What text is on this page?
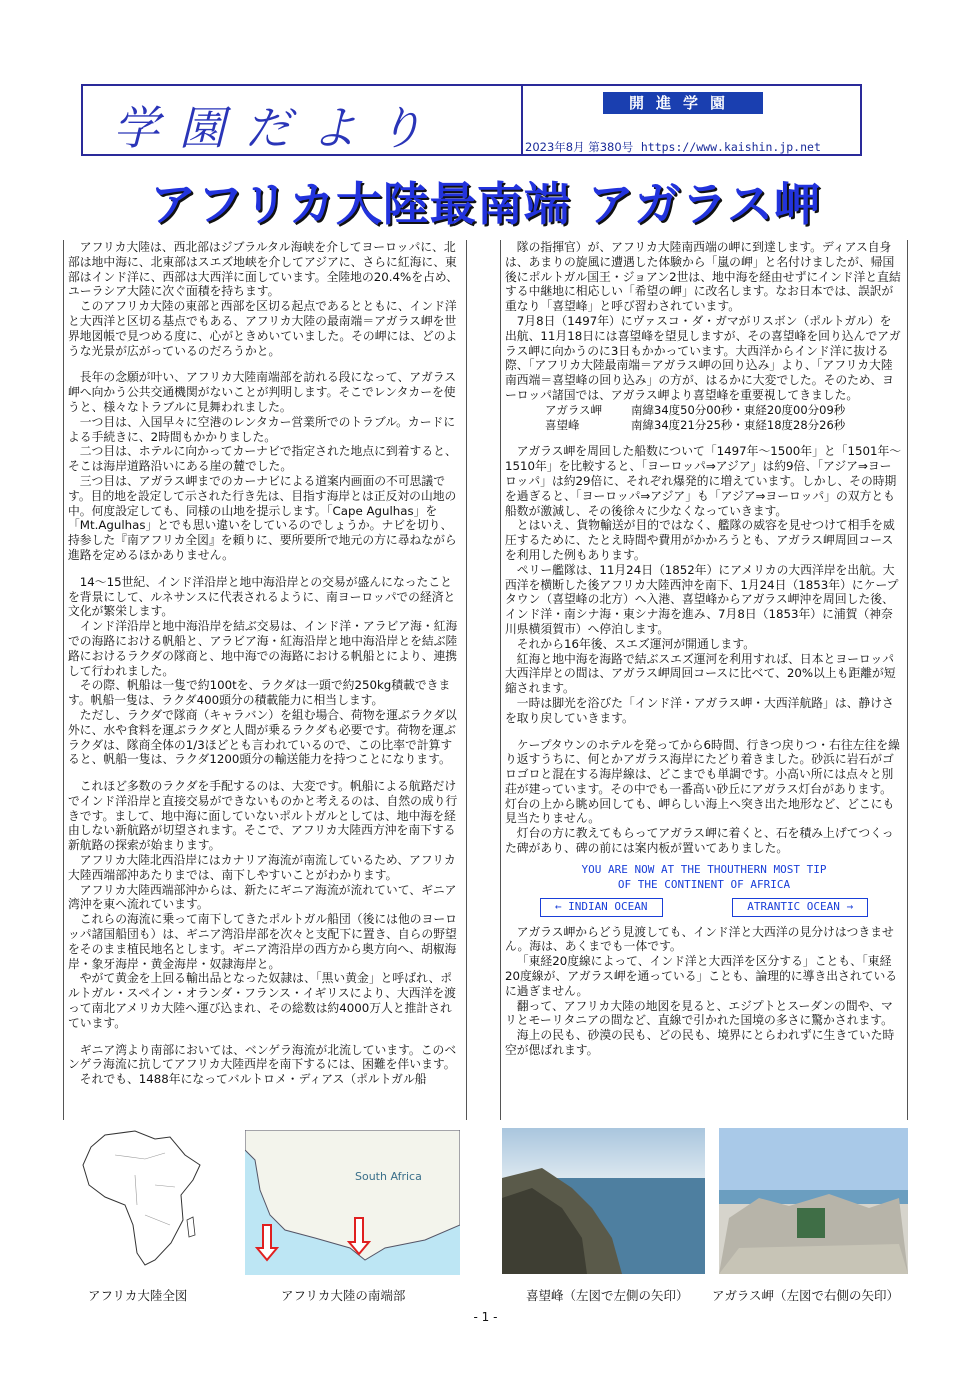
学園だより	開進学園
2023年8月 第380号 https://www.kaishin.jp.net
アフリカ大陸最南端 アガラス岬

アフリカ大陸は、西北部はジブラルタル海峡を介してヨーロッパに、北部は地中海に、北東部はスエズ地峡を介してアジアに、さらに紅海に、東部はインド洋に、西部は大西洋に面しています。全陸地の20.4%を占め、ユーラシア大陸に次ぐ面積を持ちます。

このアフリカ大陸の東部と西部を区切る起点であるとともに、インド洋と大西洋と区切る基点でもある、アフリカ大陸の最南端＝アガラス岬を世界地図帳で見つめる度に、心がときめいていました。その岬には、どのような光景が広がっているのだろうかと。

長年の念願が叶い、アフリカ大陸南端部を訪れる段になって、アガラス岬へ向かう公共交通機関がないことが判明します。そこでレンタカーを使うと、様々なトラブルに見舞われました。

一つ目は、入国早々に空港のレンタカー営業所でのトラブル。カードによる手続きに、2時間もかかりました。

二つ目は、ホテルに向かってカーナビで指定された地点に到着すると、そこは海岸道路沿いにある崖の麓でした。

三つ目は、アガラス岬までのカーナビによる道案内画面の不可思議です。目的地を設定して示された行き先は、目指す海岸とは正反対の山地の中。何度設定しても、同様の山地を提示します。「Cape Agulhas」を「Mt.Agulhas」とでも思い違いをしているのでしょうか。ナビを切り、持参した『南アフリカ全図』を頼りに、要所要所で地元の方に尋ねながら進路を定めるほかありません。

14～15世紀、インド洋沿岸と地中海沿岸との交易が盛んになったことを背景にして、ルネサンスに代表されるように、南ヨーロッパでの経済と文化が繁栄します。

インド洋沿岸と地中海沿岸を結ぶ交易は、インド洋・アラビア海・紅海での海路における帆船と、アラビア海・紅海沿岸と地中海沿岸とを結ぶ陸路におけるラクダの隊商と、地中海での海路における帆船とにより、連携して行われました。

その際、帆船は一隻で約100tを、ラクダは一頭で約250kg積載できます。帆船一隻は、ラクダ400頭分の積載能力に相当します。

ただし、ラクダで隊商（キャラバン）を組む場合、荷物を運ぶラクダ以外に、水や食料を運ぶラクダと人間が乗るラクダも必要です。荷物を運ぶラクダは、隊商全体の1/3ほどとも言われているので、この比率で計算すると、帆船一隻は、ラクダ1200頭分の輸送能力を持つことになります。

これほど多数のラクダを手配するのは、大変です。帆船による航路だけでインド洋沿岸と直接交易ができないものかと考えるのは、自然の成り行きです。まして、地中海に面していないポルトガルとしては、地中海を経由しない新航路が切望されます。そこで、アフリカ大陸西方沖を南下する新航路の探索が始まります。

アフリカ大陸北西沿岸にはカナリア海流が南流しているため、アフリカ大陸西端部沖あたりまでは、南下しやすいことがわかります。

アフリカ大陸西端部沖からは、新たにギニア海流が流れていて、ギニア湾沖を東へ流れています。

これらの海流に乗って南下してきたポルトガル船団（後には他のヨーロッパ諸国船団も）は、ギニア湾沿岸部を次々と支配下に置き、自らの野望をそのまま植民地名とします。ギニア湾沿岸の西方から奥方向へ、胡椒海岸・象牙海岸・黄金海岸・奴隷海岸と。

やがて黄金を上回る輸出品となった奴隷は、「黒い黄金」と呼ばれ、ポルトガル・スペイン・オランダ・フランス・イギリスにより、大西洋を渡って南北アメリカ大陸へ運び込まれ、その総数は約4000万人と推計されています。

ギニア湾より南部においては、ベンゲラ海流が北流しています。このベンゲラ海流に抗してアフリカ大陸西岸を南下するには、困難を伴います。

それでも、1488年になってバルトロメ・ディアス（ポルトガル船

隊の指揮官）が、アフリカ大陸南西端の岬に到達します。ディアス自身は、あまりの旋風に遭遇した体験から「嵐の岬」と名付けましたが、帰国後にポルトガル国王・ジョアン2世は、地中海を経由せずにインド洋と直結する中継地に相応しい「希望の岬」に改名します。なお日本では、誤訳が重なり「喜望峰」と呼び習わされています。

7月8日（1497年）にヴァスコ・ダ・ガマがリスボン（ポルトガル）を出航、11月18日には喜望峰を望見しますが、その喜望峰を回り込んでアガラス岬に向かうのに3日もかかっています。大西洋からインド洋に抜ける際、「アフリカ大陸最南端＝アガラス岬の回り込み」より、「アフリカ大陸南西端＝喜望峰の回り込み」の方が、はるかに大変でした。そのため、ヨーロッパ諸国では、アガラス岬より喜望峰を重要視してきました。

アガラス岬	南緯34度50分00秒・東経20度00分09秒
喜望峰	南緯34度21分25秒・東経18度28分26秒

アガラス岬を周回した船数について「1497年～1500年」と「1501年～1510年」を比較すると、「ヨーロッパ⇒アジア」は約9倍、「アジア⇒ヨーロッパ」は約29倍に、それぞれ爆発的に増えています。しかし、その時期を過ぎると、「ヨーロッパ⇒アジア」も「アジア⇒ヨーロッパ」の双方とも船数が激減し、その後徐々に少なくなっていきます。

とはいえ、貨物輸送が目的ではなく、艦隊の威容を見せつけて相手を威圧するために、たとえ時間や費用がかかろうとも、アガラス岬周回コースを利用した例もあります。

ペリー艦隊は、11月24日（1852年）にアメリカの大西洋岸を出航。大西洋を横断した後アフリカ大陸西沖を南下、1月24日（1853年）にケープタウン（喜望峰の北方）へ入港、喜望峰からアガラス岬沖を周回した後、インド洋・南シナ海・東シナ海を進み、7月8日（1853年）に浦賀（神奈川県横須賀市）へ停泊します。

それから16年後、スエズ運河が開通します。

紅海と地中海を海路で結ぶスエズ運河を利用すれば、日本とヨーロッパ大西洋岸との間は、アガラス岬周回コースに比べて、20%以上も距離が短縮されます。

一時は脚光を浴びた「インド洋・アガラス岬・大西洋航路」は、静けさを取り戻していきます。

ケープタウンのホテルを発ってから6時間、行きつ戻りつ・右往左往を繰り返すうちに、何とかアガラス海岸にたどり着きました。砂浜に岩石がゴロゴロと混在する海岸線は、どこまでも単調です。小高い所には点々と別荘が建っています。その中でも一番高い砂丘にアガラス灯台があります。灯台の上から眺め回しても、岬らしい海上へ突き出た地形など、どこにも見当たりません。

灯台の方に教えてもらってアガラス岬に着くと、石を積み上げてつくった碑があり、碑の前には案内板が置いてありました。

YOU ARE NOW AT THE THOUTHERN MOST TIP
OF THE CONTINENT OF AFRICA
← INDIAN OCEAN	ATRANTIC OCEAN →

アガラス岬からどう見渡しても、インド洋と大西洋の見分けはつきません。海は、あくまでも一体です。

「東経20度線によって、インド洋と大西洋を区分する」ことも、「東経20度線が、アガラス岬を通っている」ことも、論理的に導き出されているに過ぎません。

翻って、アフリカ大陸の地図を見ると、エジプトとスーダンの間や、マリとモーリタニアの間など、直線で引かれた国境の多さに驚かされます。

海上の民も、砂漠の民も、どの民も、境界にとらわれずに生きていた時空が偲ばれます。

South Africa
アフリカ大陸全図	アフリカ大陸の南端部	喜望峰（左図で左側の矢印） アガラス岬（左図で右側の矢印）
- 1 -
